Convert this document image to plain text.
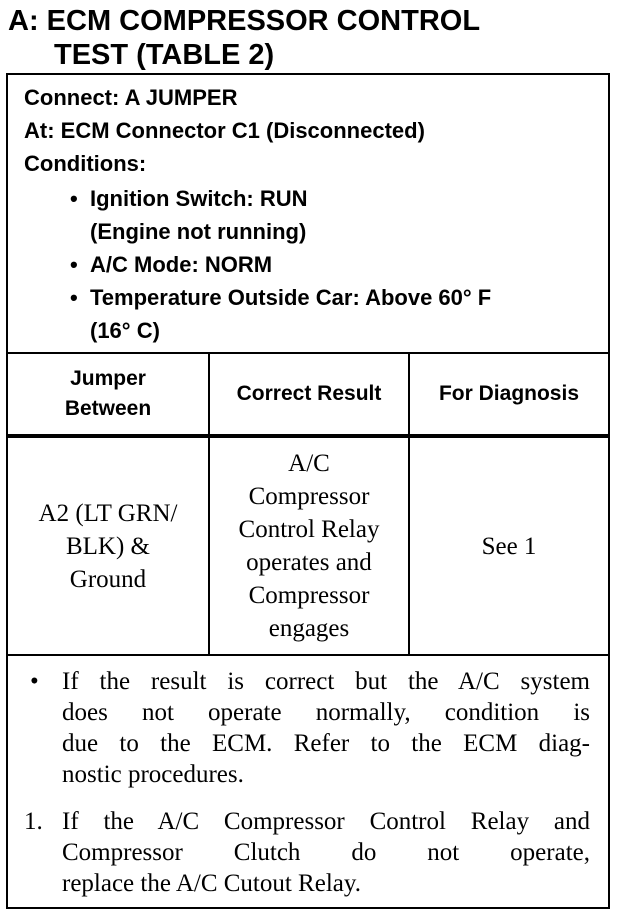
A: ECM COMPRESSOR CONTROL
TEST (TABLE 2)
Connect: A JUMPER
At: ECM Connector C1 (Disconnected)
Conditions:
• Ignition Switch: RUN
(Engine not running)
• A/C Mode: NORM
• Temperature Outside Car: Above 60° F
(16° C)
Jumper
Between
Correct Result	For Diagnosis
A2 (LT GRN/
BLK) &
Ground
A/C
Compressor
Control Relay
operates and
Compressor
engages
See 1
• If the result is correct but the A/C system
does not operate normally, condition is
due to the ECM. Refer to the ECM diag-
nostic procedures.
1. If the A/C Compressor Control Relay and
Compressor Clutch do not operate,
replace the A/C Cutout Relay.
